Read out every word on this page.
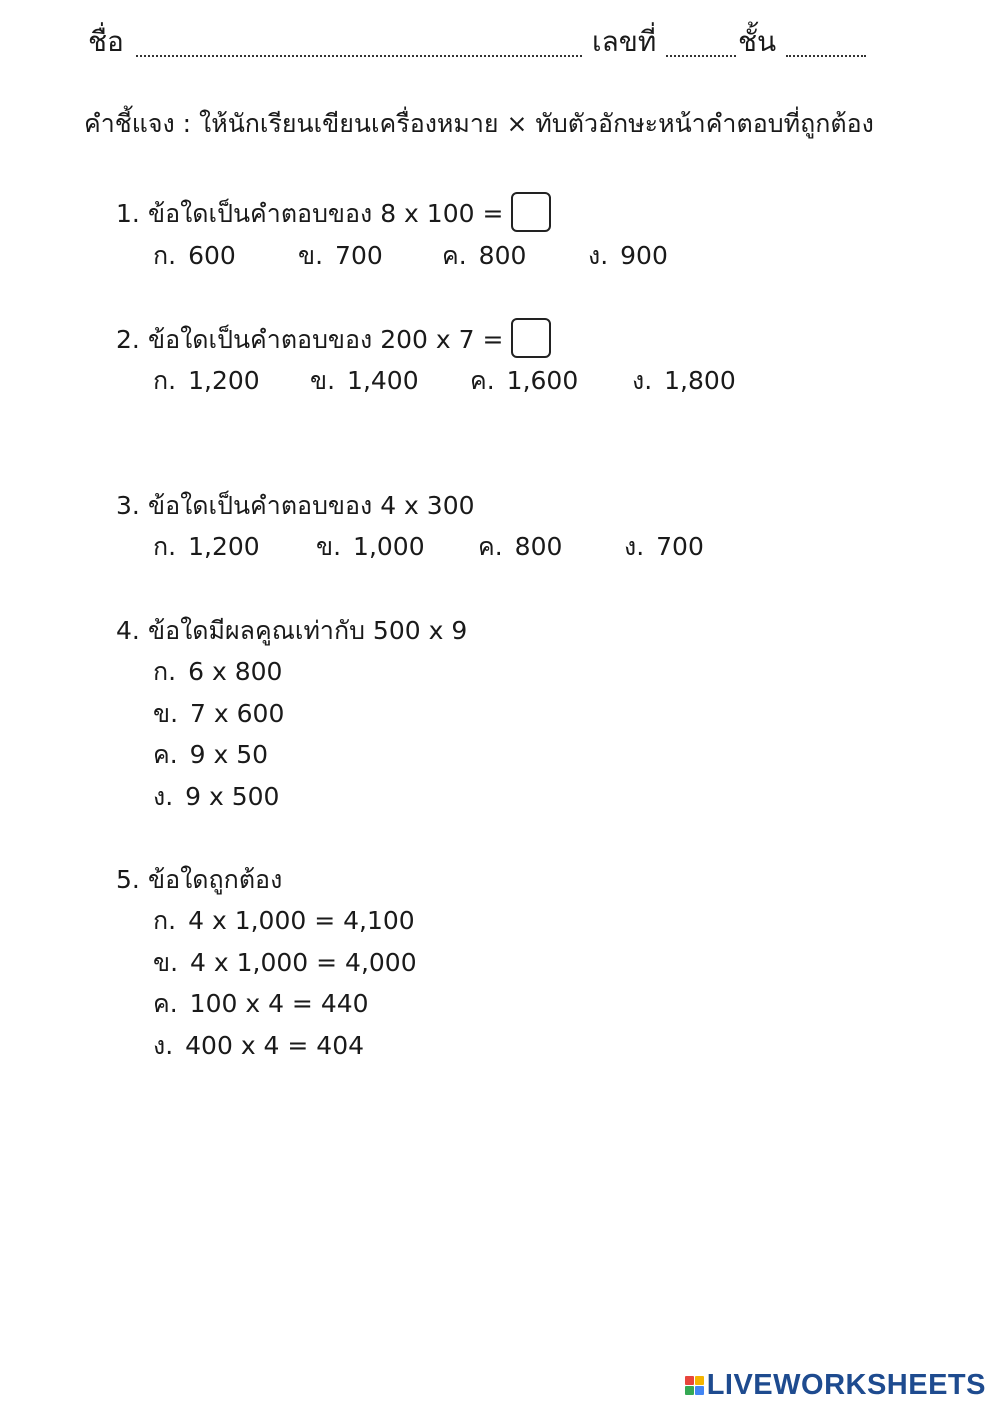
ชื่อ	เลขที่	ชั้น
คำชี้แจง : ให้นักเรียนเขียนเครื่องหมาย × ทับตัวอักษะหน้าคำตอบที่ถูกต้อง
1. ข้อใดเป็นคำตอบของ 8 x 100 =
ก. 600 ข. 700 ค. 800 ง. 900
2. ข้อใดเป็นคำตอบของ 200 x 7 =
ก. 1,200 ข. 1,400 ค. 1,600 ง. 1,800
3. ข้อใดเป็นคำตอบของ 4 x 300
ก. 1,200 ข. 1,000 ค. 800 ง. 700
4. ข้อใดมีผลคูณเท่ากับ 500 x 9
ก. 6 x 800
ข. 7 x 600
ค. 9 x 50
ง. 9 x 500
5. ข้อใดถูกต้อง
ก. 4 x 1,000 = 4,100
ข. 4 x 1,000 = 4,000
ค. 100 x 4 = 440
ง. 400 x 4 = 404
LIVEWORKSHEETS
